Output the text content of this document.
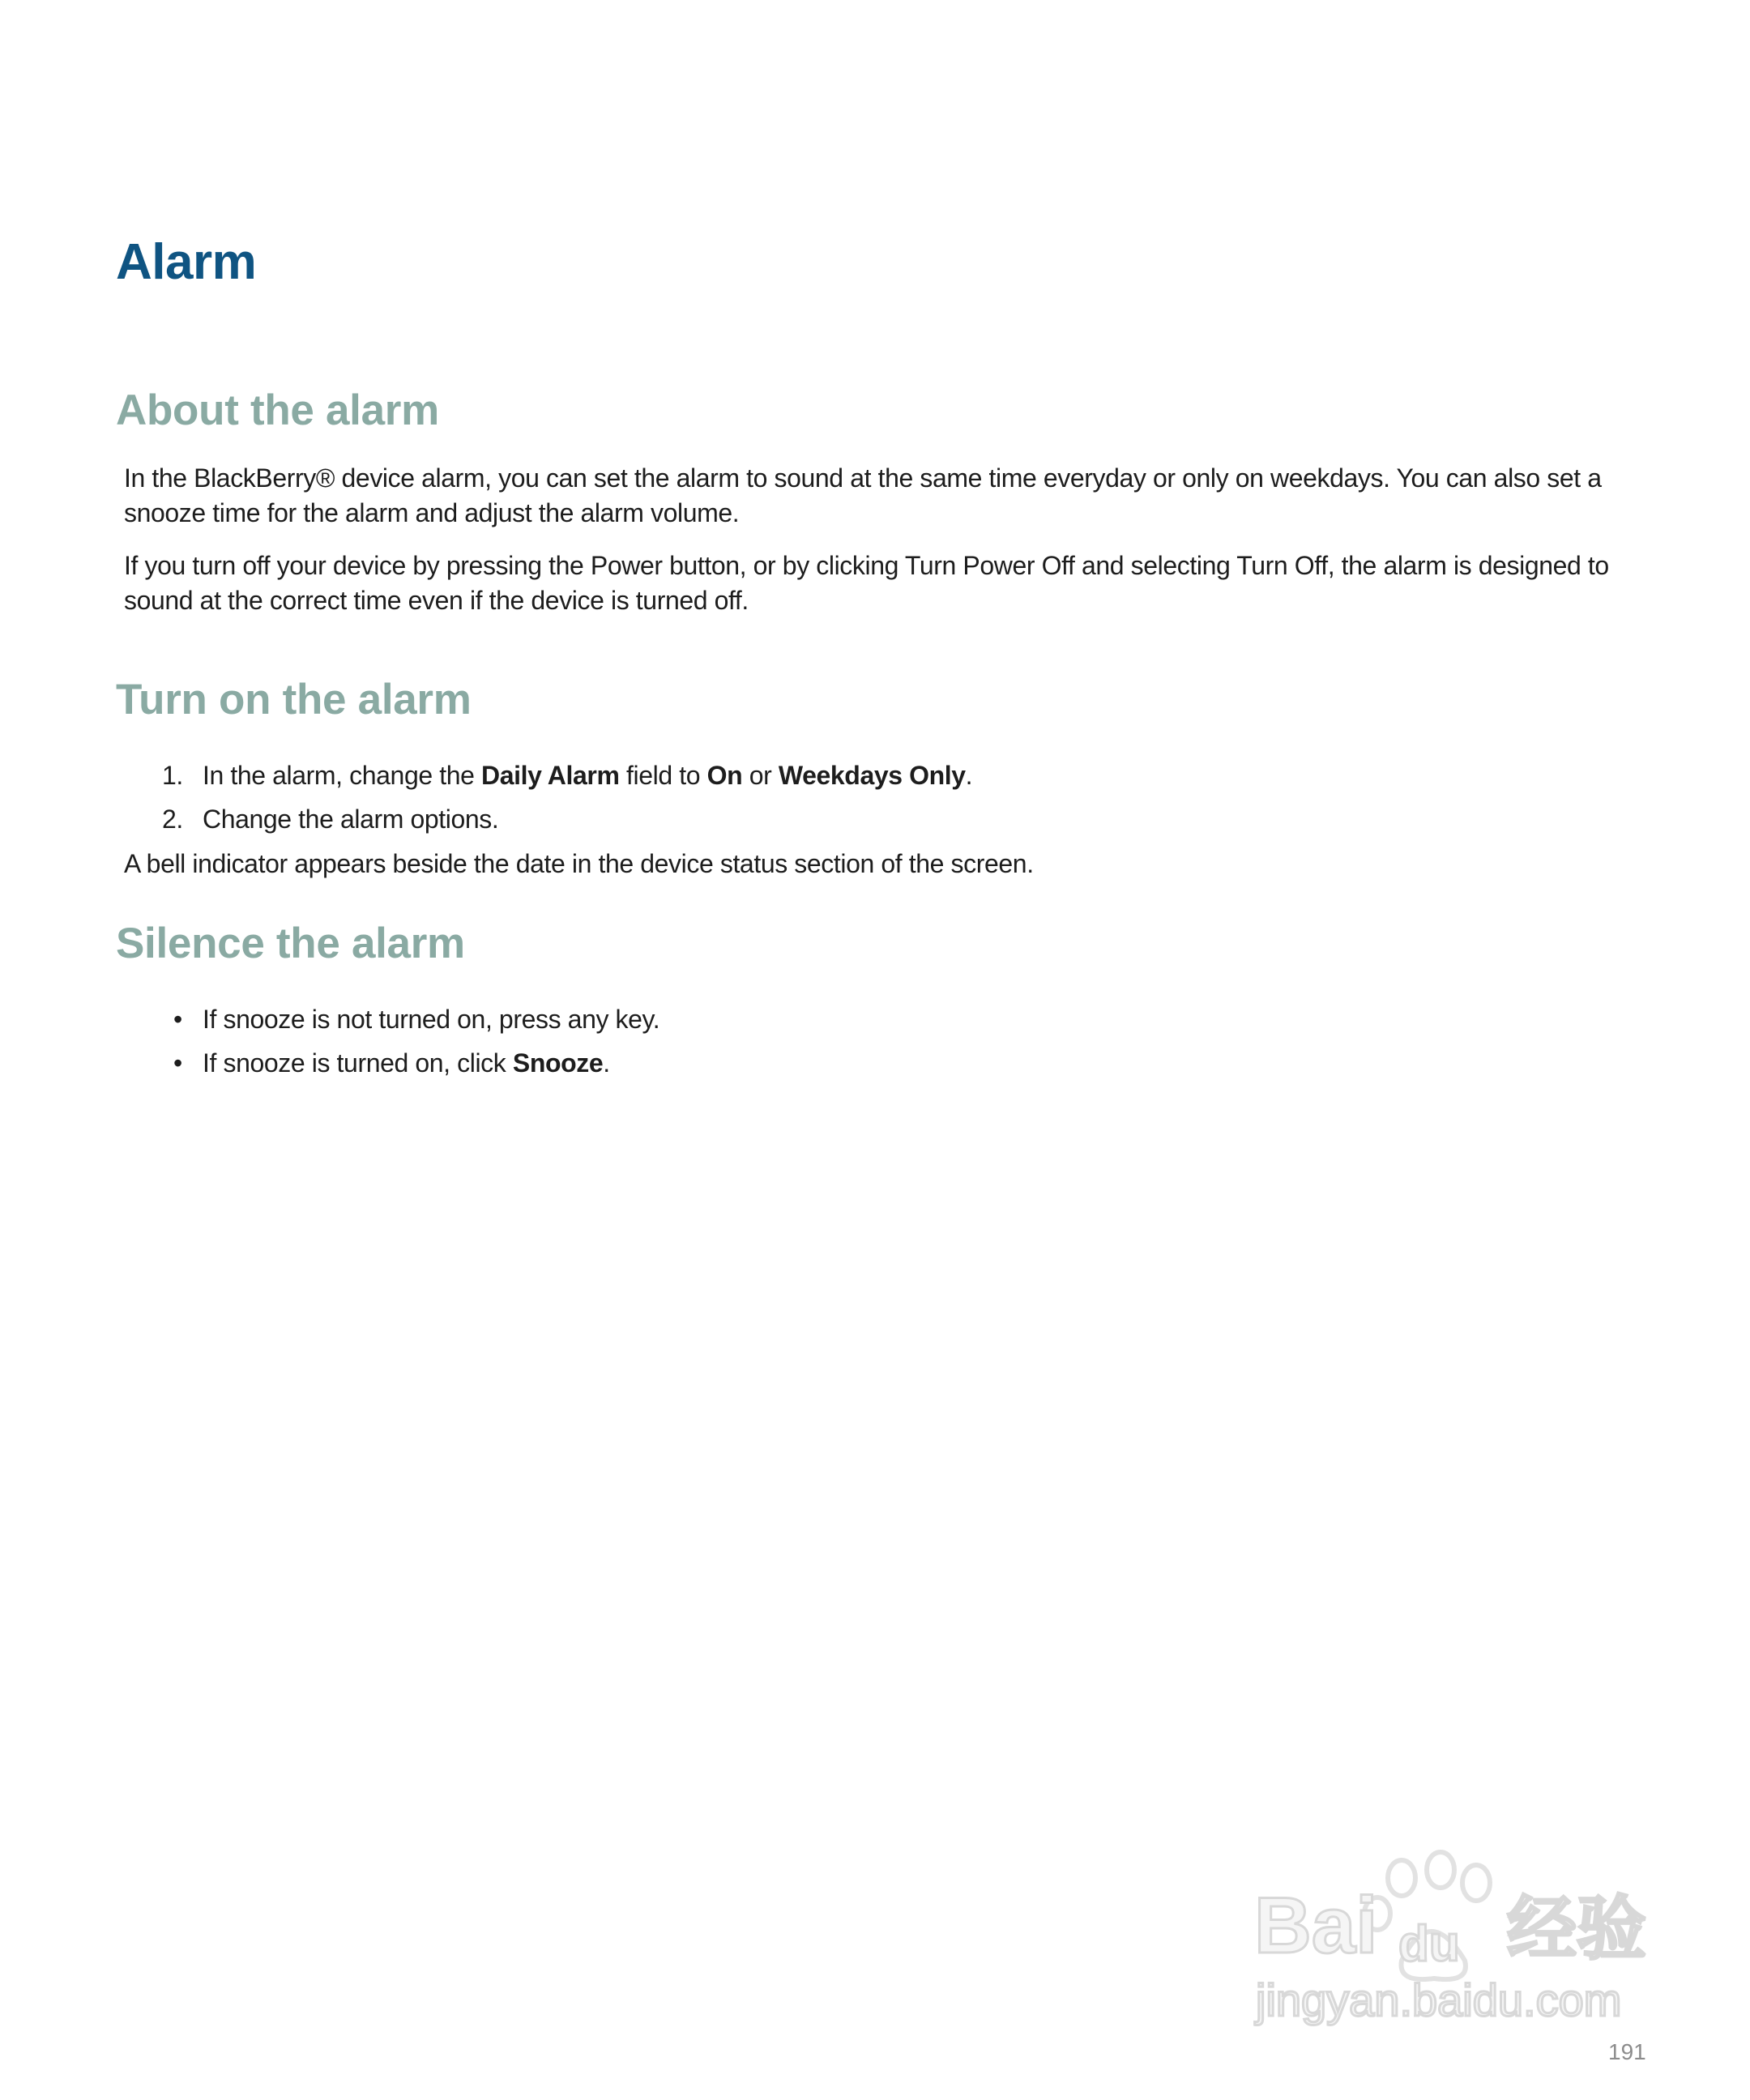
Alarm
About the alarm

In the BlackBerry® device alarm, you can set the alarm to sound at the same time everyday or only on weekdays. You can also set a snooze time for the alarm and adjust the alarm volume.

If you turn off your device by pressing the Power button, or by clicking Turn Power Off and selecting Turn Off, the alarm is designed to sound at the correct time even if the device is turned off.

Turn on the alarm

1. In the alarm, change the Daily Alarm field to On or Weekdays Only.

2. Change the alarm options.

A bell indicator appears beside the date in the device status section of the screen.

Silence the alarm

• If snooze is not turned on, press any key.

• If snooze is turned on, click Snooze.

Bai du 经验
jingyan.baidu.com
191
